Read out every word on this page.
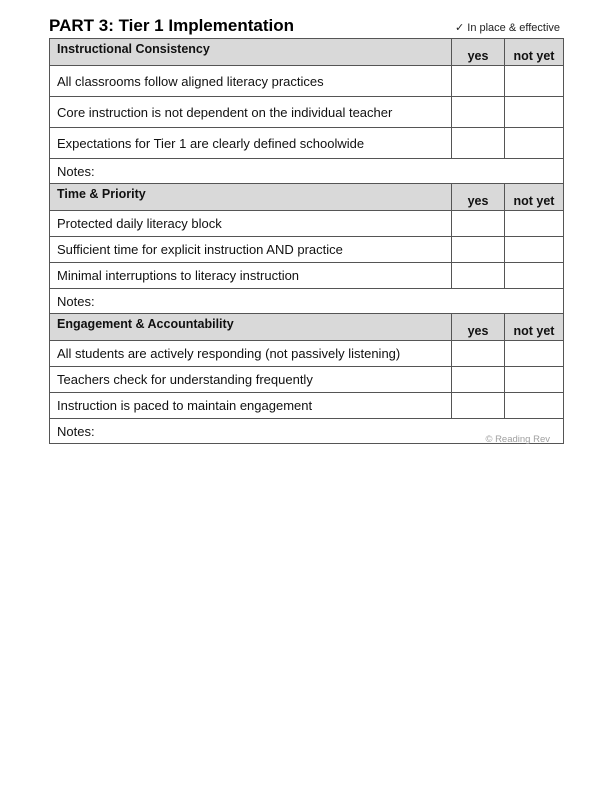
PART 3: Tier 1 Implementation	✓ In place & effective
Instructional Consistency	yes	not yet
All classrooms follow aligned literacy practices		
Core instruction is not dependent on the individual teacher		
Expectations for Tier 1 are clearly defined schoolwide		
Notes:		
Time & Priority	yes	not yet
Protected daily literacy block		
Sufficient time for explicit instruction AND practice		
Minimal interruptions to literacy instruction		
Notes:		
Engagement & Accountability	yes	not yet
All students are actively responding (not passively listening)		
Teachers check for understanding frequently		
Instruction is paced to maintain engagement		
Notes:		
© Reading Rev
